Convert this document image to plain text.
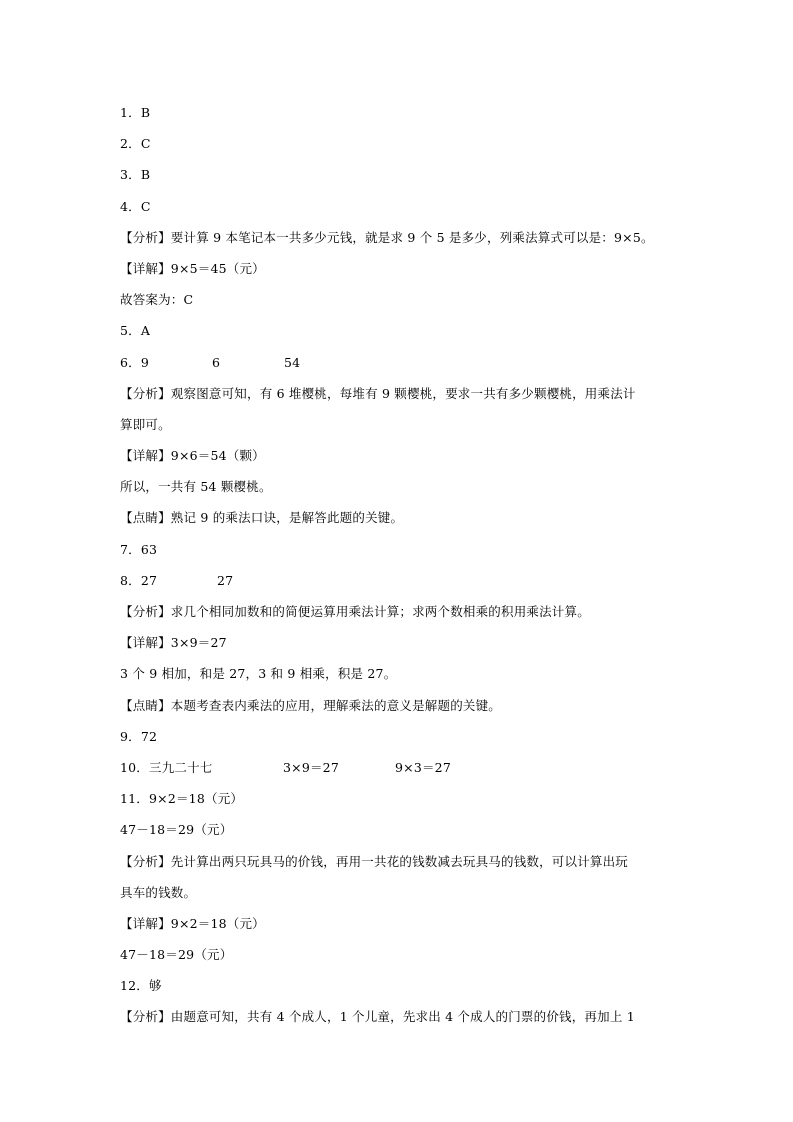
1．B
2．C
3．B
4．C
【分析】要计算 9 本笔记本一共多少元钱，就是求 9 个 5 是多少，列乘法算式可以是：9×5。
【详解】9×5＝45（元）
故答案为：C
5．A
6．9	6	54
【分析】观察图意可知，有 6 堆樱桃，每堆有 9 颗樱桃，要求一共有多少颗樱桃，用乘法计
算即可。
【详解】9×6＝54（颗）
所以，一共有 54 颗樱桃。
【点睛】熟记 9 的乘法口诀，是解答此题的关键。
7．63
8．27	27
【分析】求几个相同加数和的简便运算用乘法计算；求两个数相乘的积用乘法计算。
【详解】3×9＝27
3 个 9 相加，和是 27，3 和 9 相乘，积是 27。
【点睛】本题考查表内乘法的应用，理解乘法的意义是解题的关键。
9．72
10．三九二十七	3×9＝27	9×3＝27
11．9×2＝18（元）
47－18＝29（元）
【分析】先计算出两只玩具马的价钱，再用一共花的钱数减去玩具马的钱数，可以计算出玩
具车的钱数。
【详解】9×2＝18（元）
47－18＝29（元）
12．够
【分析】由题意可知，共有 4 个成人，1 个儿童，先求出 4 个成人的门票的价钱，再加上 1
